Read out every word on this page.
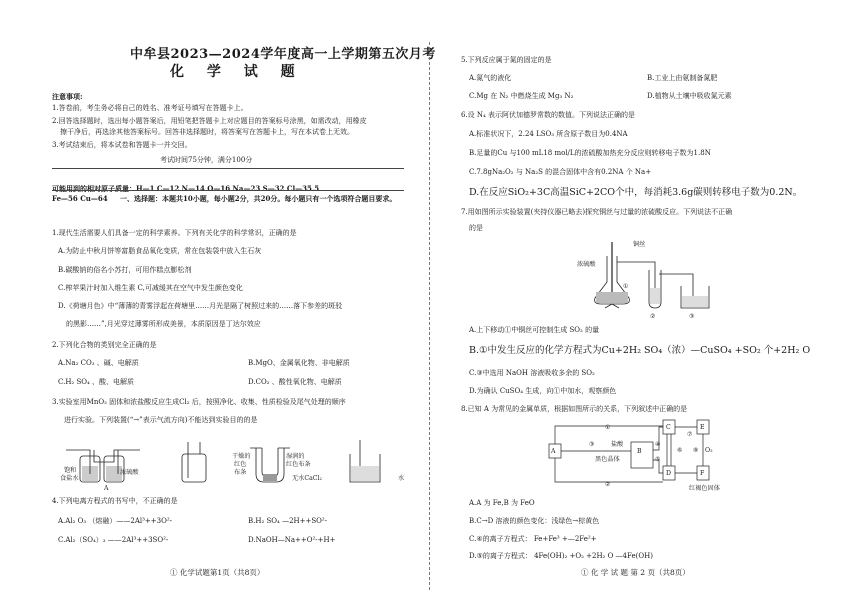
中牟县2023—2024学年度高一上学期第五次月考
化 学 试 题
注意事项:
1.答卷前，考生务必将自己的姓名、准考证号填写在答题卡上。
2.回答选择题时，选出每小题答案后，用铅笔把答题卡上对应题目的答案标号涂黑，如需改动，用橡皮
擦干净后，再选涂其他答案标号。回答非选择题时，将答案写在答题卡上，写在本试卷上无效。
3.考试结束后，将本试卷和答题卡一并交回。
考试时间75分钟，满分100分
可能用到的相对原子质量：H—1 C—12 N—14 O—16 Na—23 S—32 Cl—35.5
Fe—56 Cu—64 一、选择题：本题共10小题，每小题2分，共20分。每小题只有一个选项符合题目要求。
1.现代生活需要人们具备一定的科学素养。下列有关化学的科学常识，正确的是
A.为防止中秋月饼等富脂食品氧化变质，常在包装袋中放入生石灰
B.碳酸钠的俗名小苏打，可用作糕点膨松剂
C.榨苹果汁时加入维生素 C,可减缓其在空气中发生颜色变化
D.《荷塘月色》中“薄薄的青雾浮起在荷塘里……月光是隔了树照过来的……落下参差的斑驳
的黑影……”,月光穿过薄雾所形成美景，本质原因是丁达尔效应
2.下列化合物的类别完全正确的是
A.Na₂ CO₃ 、碱、电解质	B.MgO、金属氧化物、非电解质
C.H₂ SO₄ 、酸、电解质	D.CO₂ 、酸性氧化物、电解质
3.实验室用MnO₂ 固体和浓盐酸反应生成Cl₂ 后，按照净化、收集、性质检验及尾气处理的顺序
进行实验。下列装置(“→”表示气流方向)不能达到实验目的的是
饱和
食盐水
浓硫酸
A
干燥的
红色
布条
湿润的
红色布条
无水CaCl₂	水
4.下列电离方程式的书写中，不正确的是
A.Al₂ O₃ （熔融）——2Al³++3O²-	B.H₂ SO₄ —2H++SO²-
C.Al₂（SO₄）₃ ——2Al³++3SO²-	D.NaOH—Na++O²-+H+
① 化学试题第1页（共8页）
5.下列反应属于氮的固定的是
A.氮气的液化	B.工业上由氨制备氮肥
C.Mg 在 N₂ 中燃烧生成 Mg₃ N₂	D.植物从土壤中吸收氮元素
6.设 N₄ 表示阿伏加德罗常数的数值。下列说法正确的是
A.标准状况下，2.24 LSO₃ 所含原子数目为0.4NA
B.足量的Cu 与100 mL18 mol/L的浓硫酸加热充分反应则转移电子数为1.8N
C.7.8gNa₂O₂ 与 Na₂S 的混合固体中含有0.2NA 个 Na+
D.在反应SiO₂+3C高温SiC+2CO个中，每消耗3.6g碳则转移电子数为0.2N。
7.用如图所示实验装置(夹持仪器已略去)探究铜丝与过量的浓硫酸反应。下列说法不正确
的是
铜丝
浓硫酸
①
②	③
A.上下移动①中铜丝可控制生成 SO₂ 的量
B.①中发生反应的化学方程式为Cu+2H₂ SO₄（浓）—CuSO₄ +SO₂ 个+2H₂ O
C.③中选用 NaOH 溶液吸收多余的 SO₂
D.为确认 CuSO₄ 生成，向①中加水，观察颜色
8.已知 A 为常见的金属单质，根据如图所示的关系，下列叙述中正确的是
A	B
C
D
E
F
①
②
③	④
⑤
⑥
⑦
⑧
盐酸
黑色晶体
O₂
红褐色固体
A.A 为 Fe,B 为 FeO
B.C→D 溶液的颜色变化：浅绿色→棕黄色
C.④的离子方程式： Fe+Fe³ +—2Fe²+
D.⑤的离子方程式： 4Fe(OH)₂ +O₂ +2H₂ O —4Fe(OH)
① 化 学 试 题 第 2 页（共8页）
